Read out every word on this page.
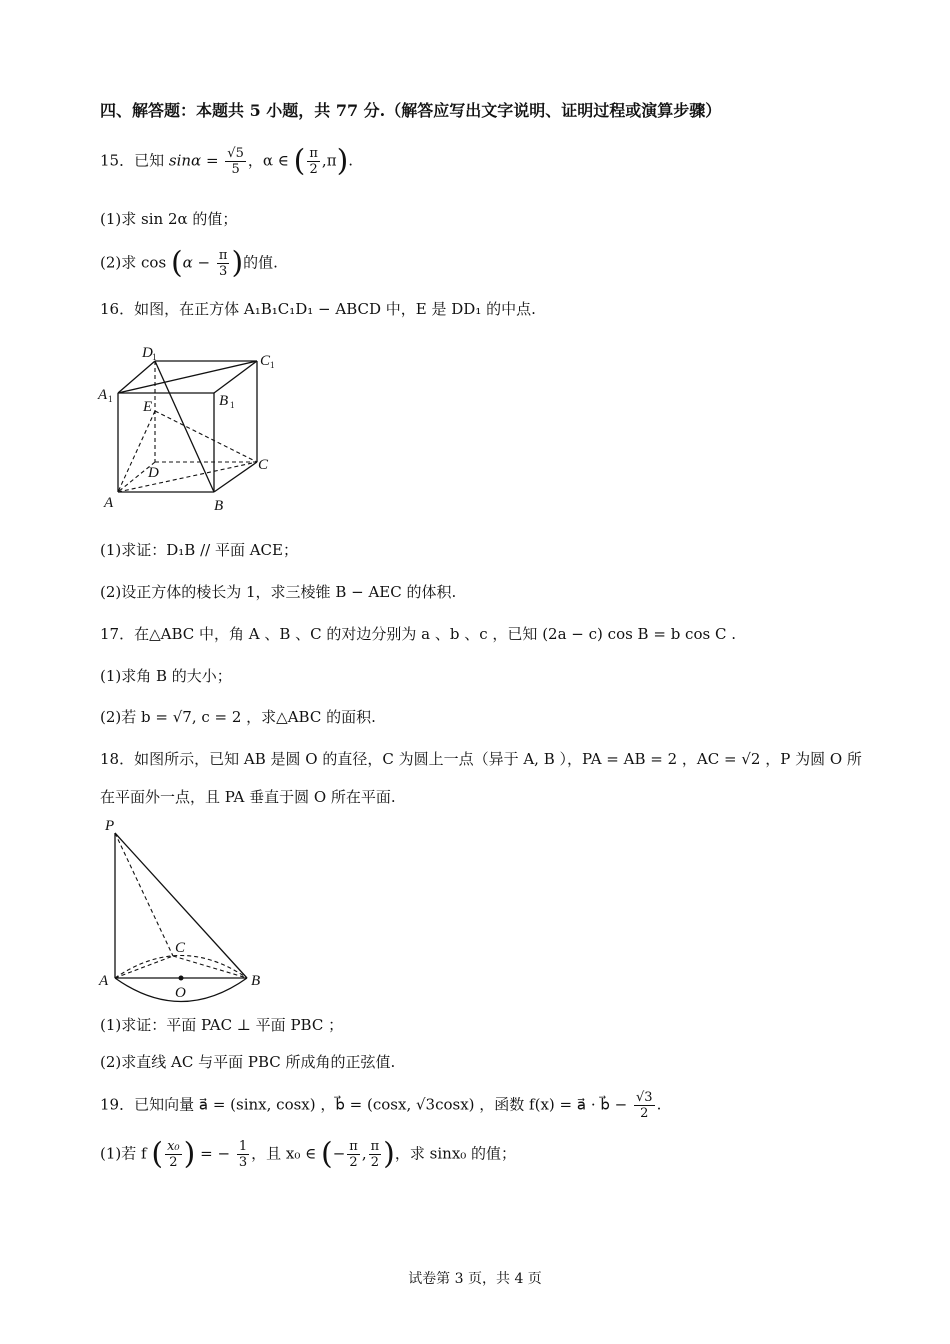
四、解答题：本题共 5 小题，共 77 分.（解答应写出文字说明、证明过程或演算步骤）
15．已知 $\sin\alpha = \frac{√5}{5}$ ，α ∈ ( $\frac{\pi}{2} ,\pi$).
(1)求 sin 2α 的值；
(2)求 $\cos (\alpha - \frac{\pi}{3}$ )的值.
16．如图，在正方体 A₁B₁C₁D₁ − ABCD 中，E 是 DD₁ 的中点.
D 1	C 1
A 1	B 1
E
D	C
A	B
(1)求证：D₁B // 平面 ACE；
(2)设正方体的棱长为 1，求三棱锥 B − AEC 的体积.
17．在△ABC 中，角 A 、B 、C 的对边分别为 a 、b 、c ，已知 (2a − c) cos B = b cos C .
(1)求角 B 的大小；
(2)若 b = √7, c = 2 ，求△ABC 的面积.
18．如图所示，已知 AB 是圆 O 的直径，C 为圆上一点（异于 A, B ），PA = AB = 2 ，AC = √2 ，P 为圆 O 所
在平面外一点，且 PA 垂直于圆 O 所在平面.
P
C
A
O
B
(1)求证：平面 PAC ⊥ 平面 PBC ；
(2)求直线 AC 与平面 PBC 所成角的正弦值.
19．已知向量 a⃗ = (sinx, cosx) ，b⃗ = (cosx, √3cosx) ，函数 f(x) = a⃗ · b⃗ − $\frac{√3}{2}$ .
(1)若 f ( $\frac{\text{x₀}}{2}$ ) = − $\frac{1}{3}$ ，且 x₀ ∈ (− $\frac{\pi}{2}$ , $\frac{\pi}{2}$ )，求 sinx₀ 的值；
试卷第 3 页，共 4 页
